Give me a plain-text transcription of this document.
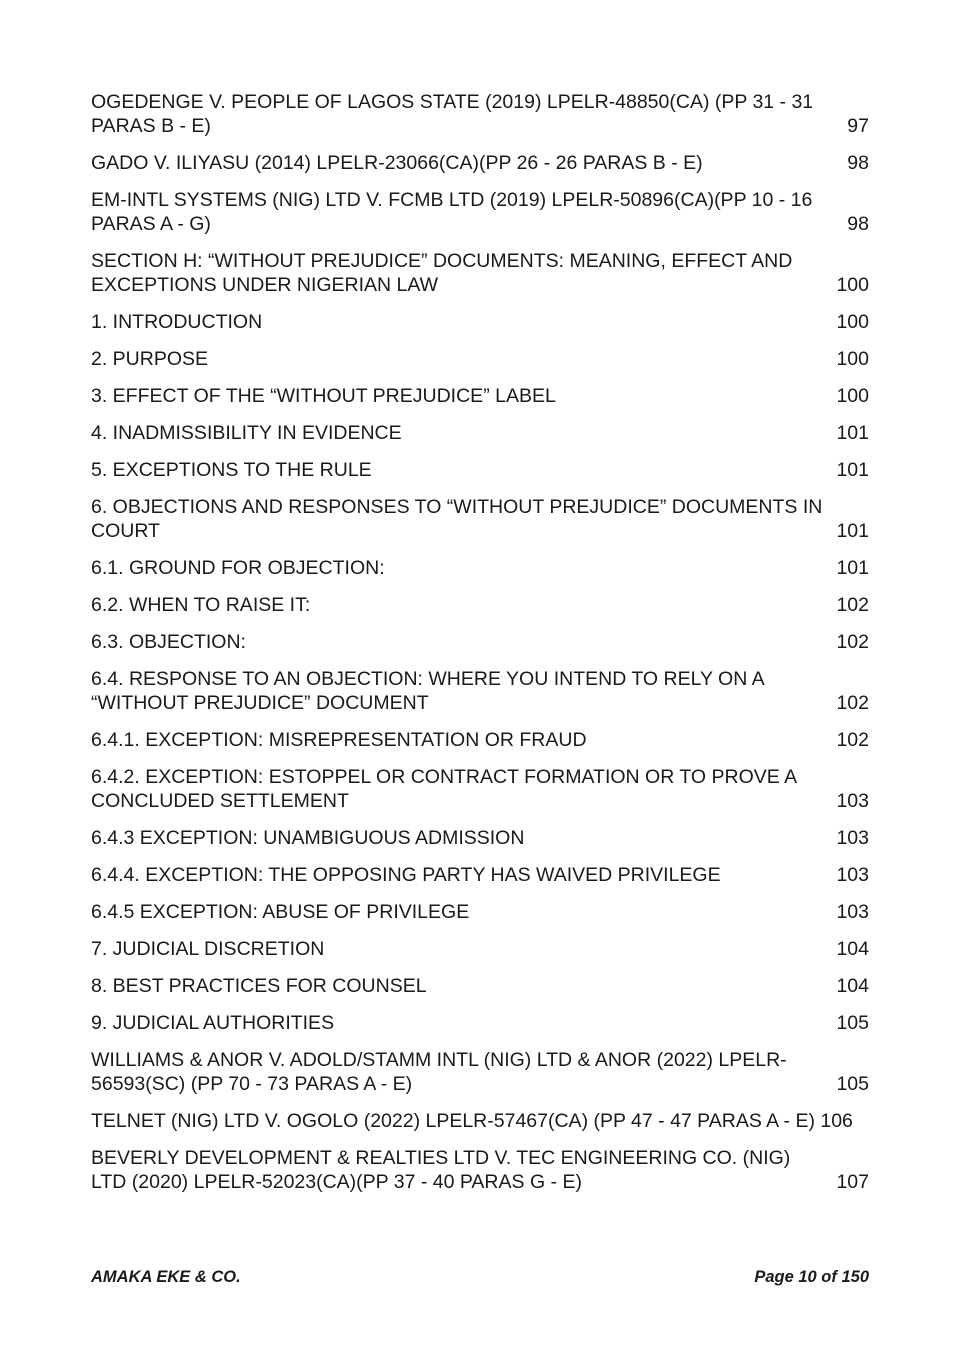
OGEDENGE V. PEOPLE OF LAGOS STATE (2019) LPELR-48850(CA) (PP 31 - 31 PARAS B - E)	97
GADO V. ILIYASU (2014) LPELR-23066(CA)(PP 26 - 26 PARAS B - E)	98
EM-INTL SYSTEMS (NIG) LTD V. FCMB LTD (2019) LPELR-50896(CA)(PP 10 - 16 PARAS A - G)	98
SECTION H: “WITHOUT PREJUDICE” DOCUMENTS: MEANING, EFFECT AND EXCEPTIONS UNDER NIGERIAN LAW	100
1. INTRODUCTION	100
2. PURPOSE	100
3. EFFECT OF THE “WITHOUT PREJUDICE” LABEL	100
4. INADMISSIBILITY IN EVIDENCE	101
5. EXCEPTIONS TO THE RULE	101
6. OBJECTIONS AND RESPONSES TO “WITHOUT PREJUDICE” DOCUMENTS IN COURT	101
6.1. GROUND FOR OBJECTION:	101
6.2. WHEN TO RAISE IT:	102
6.3. OBJECTION:	102
6.4. RESPONSE TO AN OBJECTION: WHERE YOU INTEND TO RELY ON A “WITHOUT PREJUDICE” DOCUMENT	102
6.4.1. EXCEPTION: MISREPRESENTATION OR FRAUD	102
6.4.2. EXCEPTION: ESTOPPEL OR CONTRACT FORMATION OR TO PROVE A CONCLUDED SETTLEMENT	103
6.4.3 EXCEPTION: UNAMBIGUOUS ADMISSION	103
6.4.4. EXCEPTION: THE OPPOSING PARTY HAS WAIVED PRIVILEGE	103
6.4.5 EXCEPTION: ABUSE OF PRIVILEGE	103
7. JUDICIAL DISCRETION	104
8. BEST PRACTICES FOR COUNSEL	104
9. JUDICIAL AUTHORITIES	105
WILLIAMS & ANOR V. ADOLD/STAMM INTL (NIG) LTD & ANOR (2022) LPELR-56593(SC) (PP 70 - 73 PARAS A - E)	105
TELNET (NIG) LTD V. OGOLO (2022) LPELR-57467(CA) (PP 47 - 47 PARAS A - E) 106
BEVERLY DEVELOPMENT & REALTIES LTD V. TEC ENGINEERING CO. (NIG) LTD (2020) LPELR-52023(CA)(PP 37 - 40 PARAS G - E)	107
AMAKA EKE & CO.	Page 10 of 150
